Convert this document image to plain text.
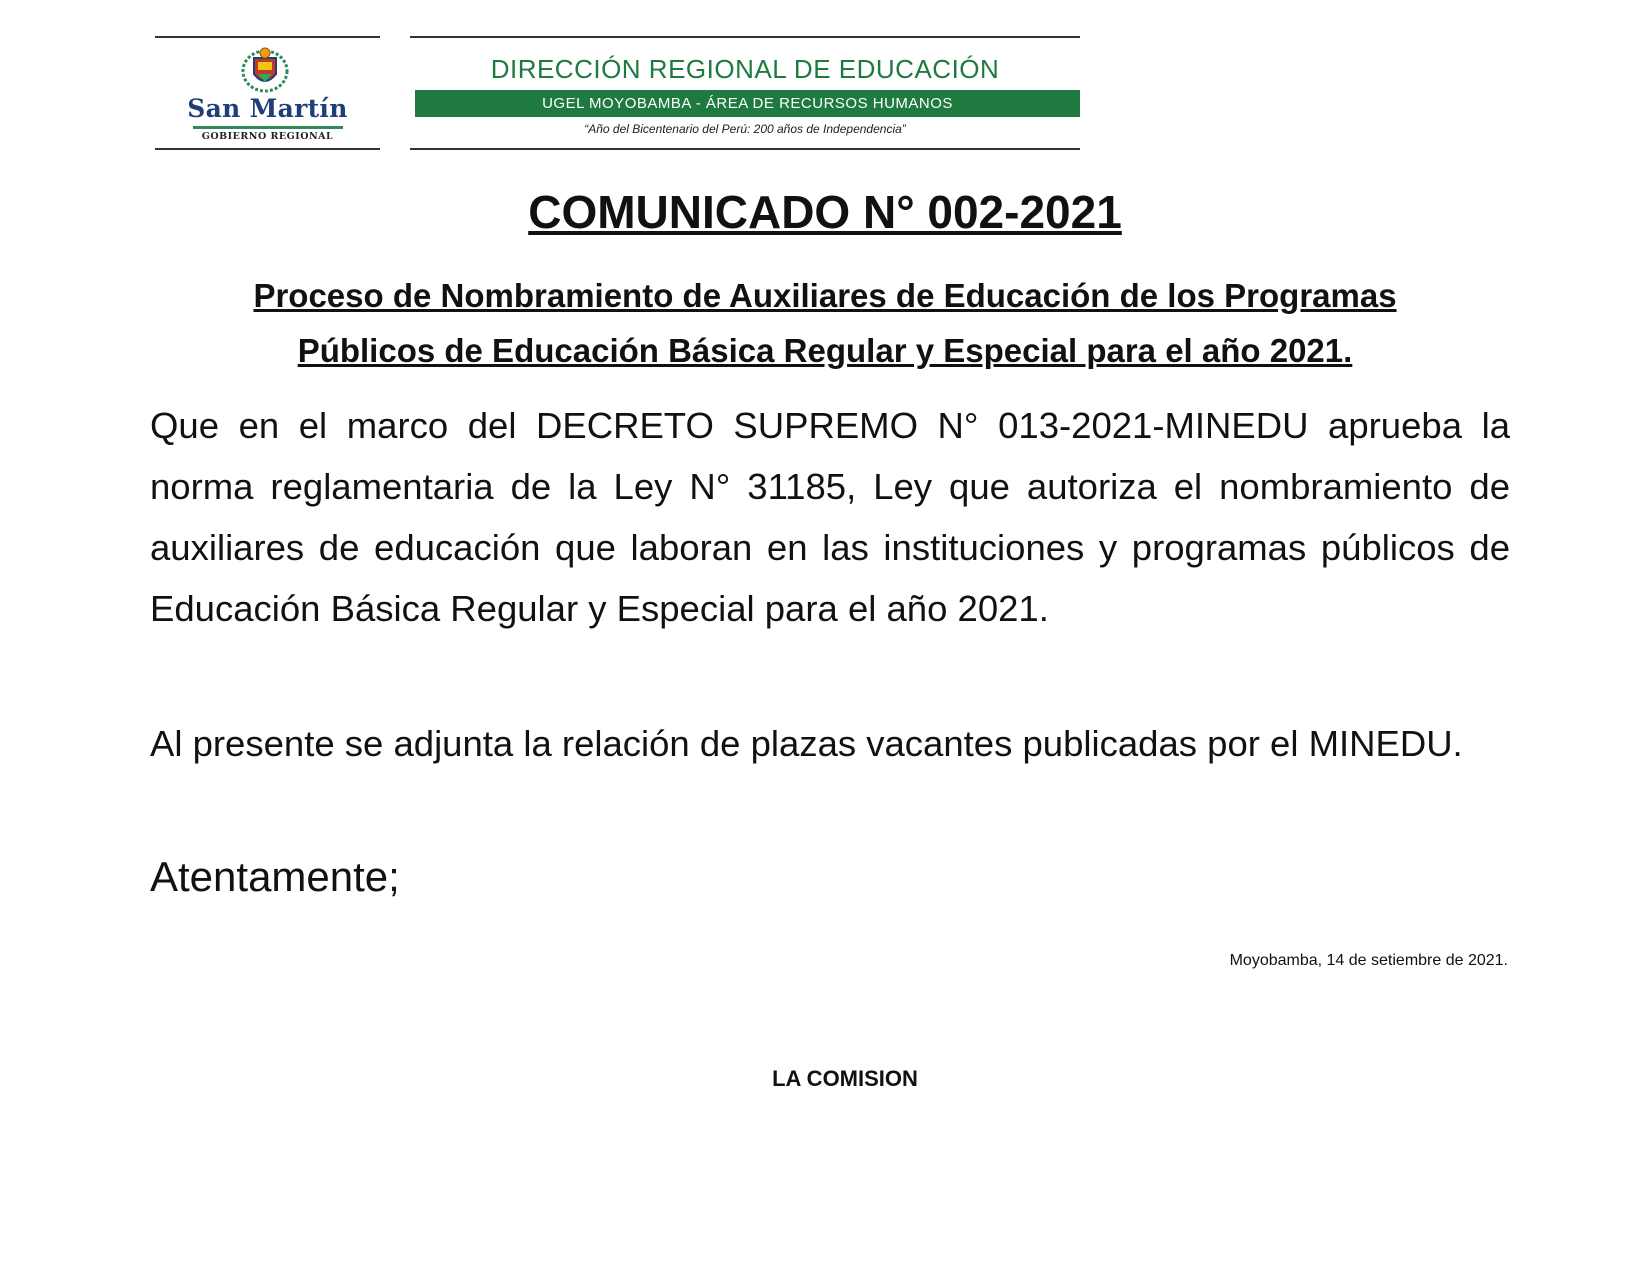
San Martín
GOBIERNO REGIONAL
DIRECCIÓN REGIONAL DE EDUCACIÓN
UGEL MOYOBAMBA - ÁREA DE RECURSOS HUMANOS
“Año del Bicentenario del Perú: 200 años de Independencia”
COMUNICADO N° 002-2021
Proceso de Nombramiento de Auxiliares de Educación de los Programas Públicos de Educación Básica Regular y Especial para el año 2021.

Que en el marco del DECRETO SUPREMO N° 013-2021-MINEDU aprueba la norma reglamentaria de la Ley N° 31185, Ley que autoriza el nombramiento de auxiliares de educación que laboran en las instituciones y programas públicos de Educación Básica Regular y Especial para el año 2021.

Al presente se adjunta la relación de plazas vacantes publicadas por el MINEDU.

Atentamente;
Moyobamba, 14 de setiembre de 2021.
LA COMISION
